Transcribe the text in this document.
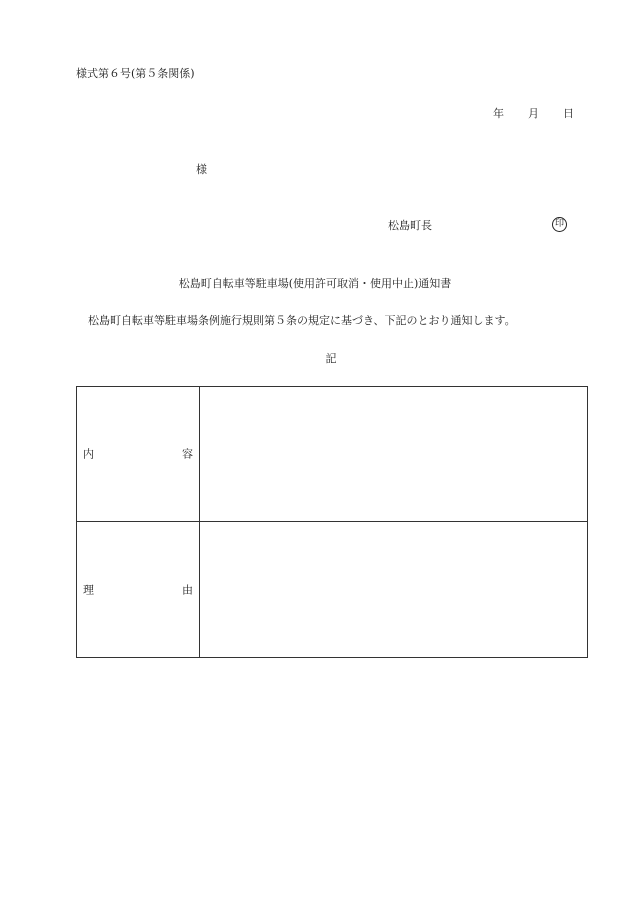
様式第６号(第５条関係)
年 月 日
様
松島町長	印
松島町自転車等駐車場(使用許可取消・使用中止)通知書
松島町自転車等駐車場条例施行規則第５条の規定に基づき、下記のとおり通知します。
記
内	容
理	由
